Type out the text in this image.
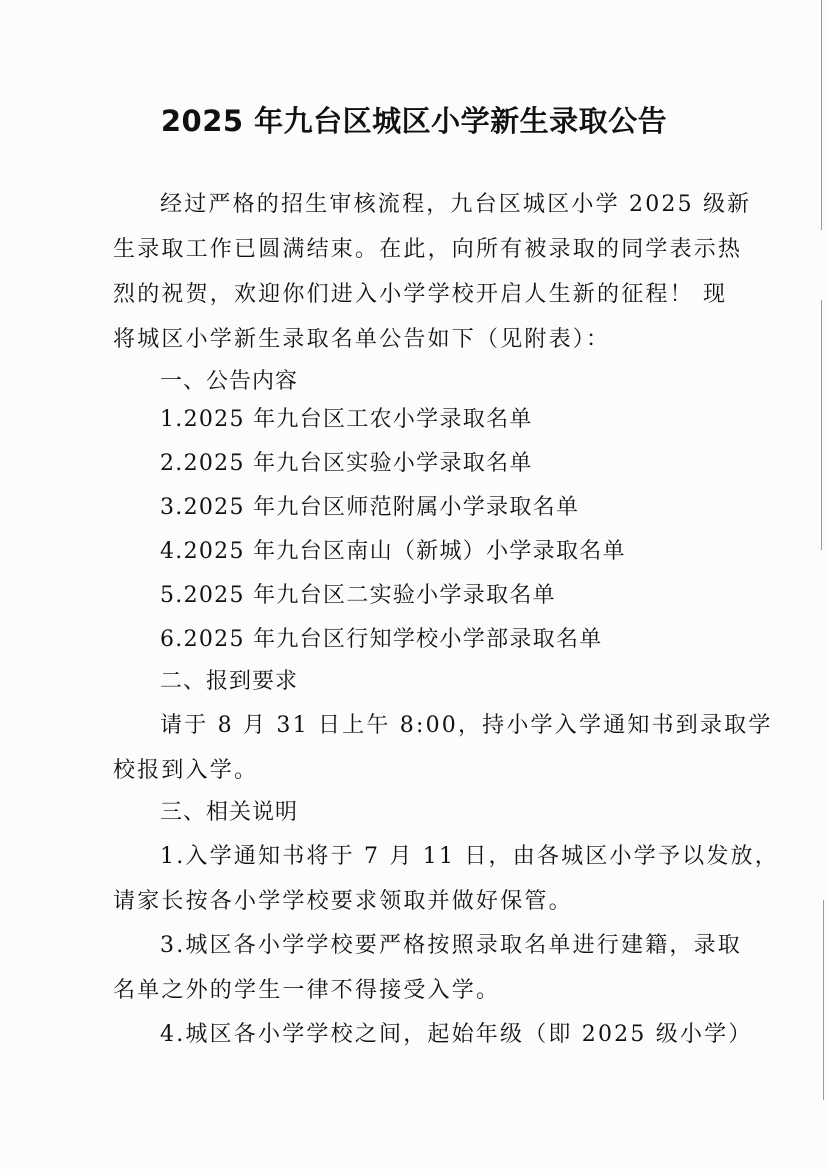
2025 年九台区城区小学新生录取公告
经过严格的招生审核流程，九台区城区小学 2025 级新
生录取工作已圆满结束。在此，向所有被录取的同学表示热
烈的祝贺，欢迎你们进入小学学校开启人生新的征程！ 现
将城区小学新生录取名单公告如下（见附表）：
一、公告内容
1.2025 年九台区工农小学录取名单
2.2025 年九台区实验小学录取名单
3.2025 年九台区师范附属小学录取名单
4.2025 年九台区南山（新城）小学录取名单
5.2025 年九台区二实验小学录取名单
6.2025 年九台区行知学校小学部录取名单
二、报到要求
请于 8 月 31 日上午 8:00，持小学入学通知书到录取学
校报到入学。
三、相关说明
1.入学通知书将于 7 月 11 日，由各城区小学予以发放，
请家长按各小学学校要求领取并做好保管。
3.城区各小学学校要严格按照录取名单进行建籍，录取
名单之外的学生一律不得接受入学。
4.城区各小学学校之间，起始年级（即 2025 级小学）
